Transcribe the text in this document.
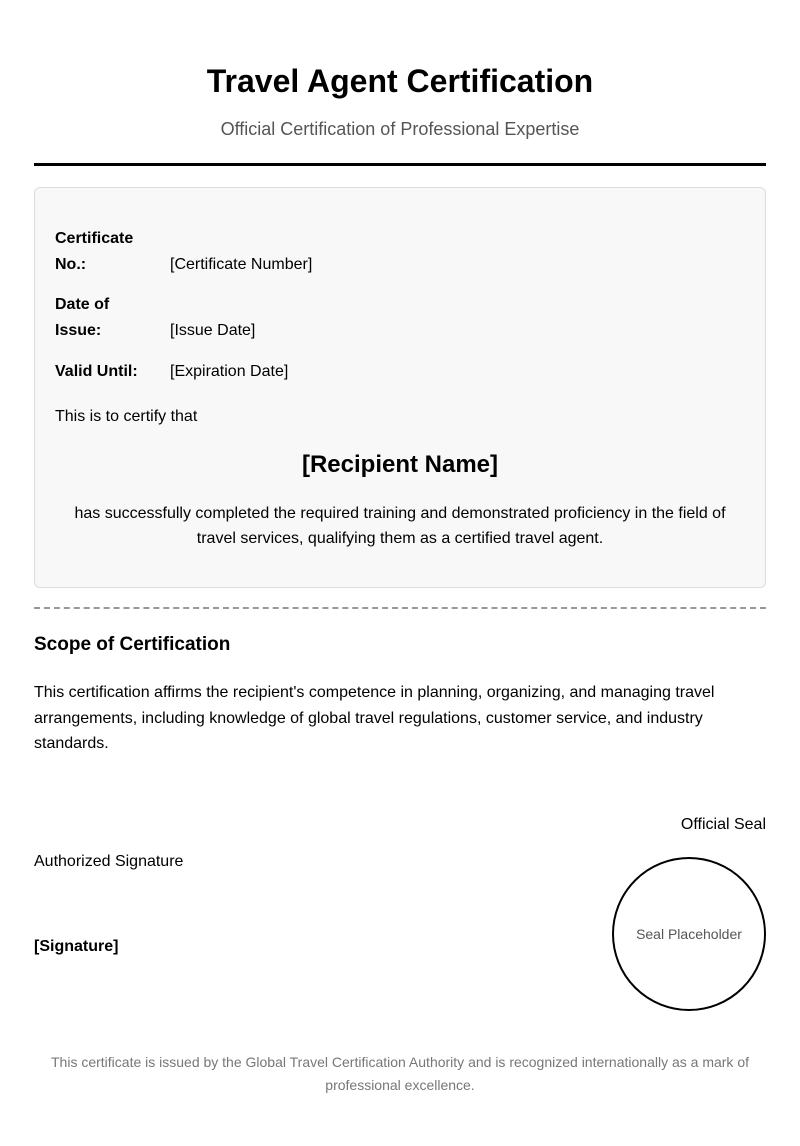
Travel Agent Certification
Official Certification of Professional Expertise
Certificate
No.:	[Certificate Number]
Date of
Issue:	[Issue Date]
Valid Until:	[Expiration Date]
This is to certify that
[Recipient Name]
has successfully completed the required training and demonstrated proficiency in the field of travel services, qualifying them as a certified travel agent.
Scope of Certification
This certification affirms the recipient's competence in planning, organizing, and managing travel arrangements, including knowledge of global travel regulations, customer service, and industry standards.
Authorized Signature
[Signature]
Official Seal
Seal Placeholder
This certificate is issued by the Global Travel Certification Authority and is recognized internationally as a mark of professional excellence.
